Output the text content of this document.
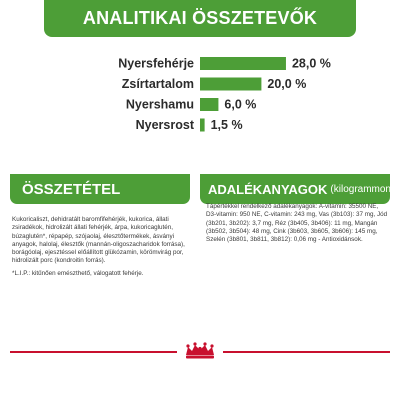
ANALITIKAI ÖSSZETEVŐK
Nyersfehérje	28,0 %
Zsírtartalom	20,0 %
Nyershamu 6,0 %
Nyersrost 1,5 %
ÖSSZETÉTEL	ADALÉKANYAGOK (kilogrammonként)
Kukoricaliszt, dehidratált baromfifehérjék, kukorica, állati zsiradékok, hidrolizált állati fehérjék, árpa, kukoricaglutén, búzaglutén*, répapép, szójaolaj, élesztőtermékek, ásványi anyagok, halolaj, élesztők (mannán-oligoszacharidok forrása), borágóolaj, ejesztéssel előállított glükózamin, körömvirág por, hidrolizált porc (kondroitin forrás).
*L.I.P.: kitűnően emészthető, válogatott fehérje.
Tápértékkel rendelkező adalékanyagok: A-vitamin: 35500 NE, D3-vitamin: 950 NE, C-vitamin: 243 mg, Vas (3b103): 37 mg, Jód (3b201, 3b202): 3,7 mg, Réz (3b405, 3b406): 11 mg, Mangán (3b502, 3b504): 48 mg, Cink (3b603, 3b605, 3b606): 145 mg, Szelén (3b801, 3b811, 3b812): 0,06 mg - Antioxidánsok.
